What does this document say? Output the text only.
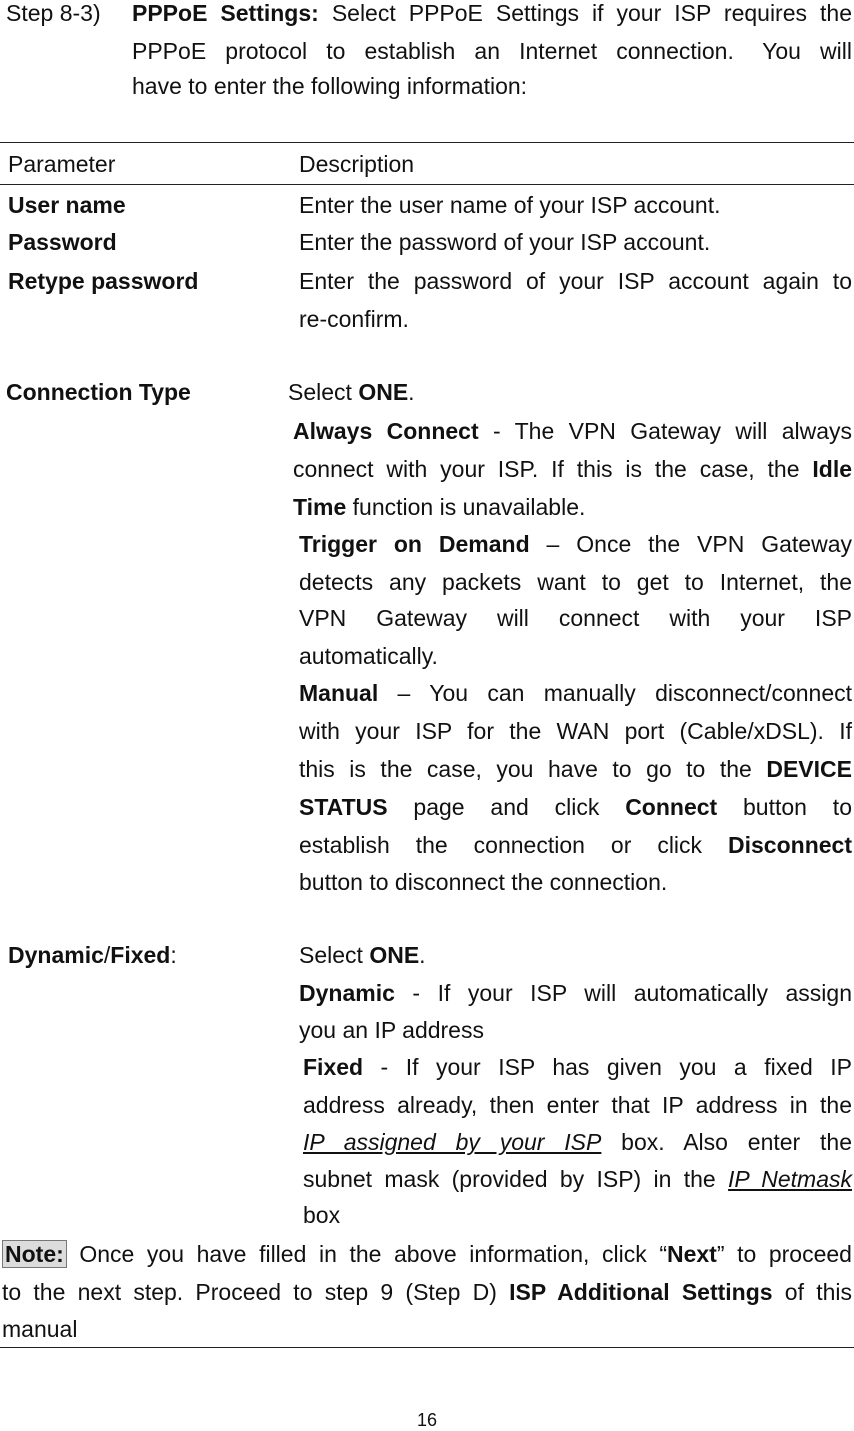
Step 8-3) PPPoE Settings: Select PPPoE Settings if your ISP requires the
PPPoE  protocol  to  establish  an  Internet  connection.   You  will
have to enter the following information:
Parameter	Description
User name	Enter the user name of your ISP account.
Password	Enter the password of your ISP account.
Retype password	Enter the password of your ISP account again to
re-confirm.
Connection Type	Select ONE.
Always Connect - The VPN Gateway will always
connect with your ISP. If this is the case, the Idle
Time function is unavailable.
Trigger on Demand – Once the VPN Gateway
detects any packets want to get to Internet, the
VPN Gateway will connect with your ISP
automatically.
Manual – You can manually disconnect/connect
with your ISP for the WAN port (Cable/xDSL). If
this is the case, you have to go to the DEVICE
STATUS page and click Connect button to
establish the connection or click Disconnect
button to disconnect the connection.
Dynamic/Fixed:	Select ONE.
Dynamic - If your ISP will automatically assign
you an IP address
Fixed - If your ISP has given you a fixed IP
address already, then enter that IP address in the
IP assigned by your ISP box. Also enter the
subnet mask (provided by ISP) in the IP Netmask
box
Note: Once you have filled in the above information, click “Next” to proceed
to the next step. Proceed to step 9 (Step D) ISP Additional Settings of this
manual
16
